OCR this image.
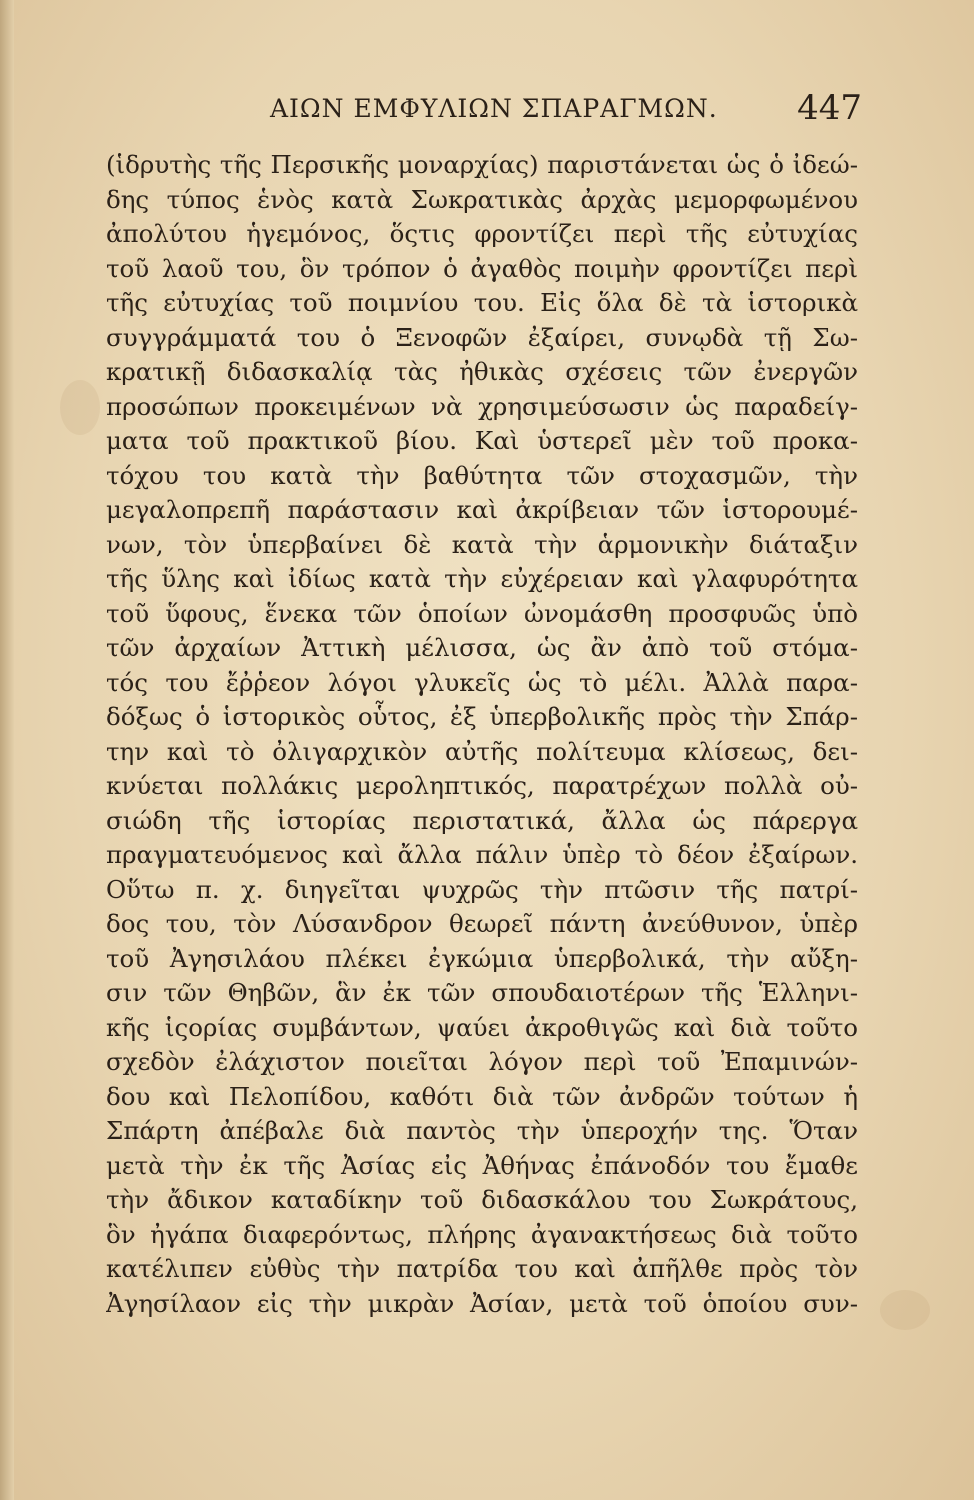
ΑΙΩΝ ΕΜΦΥΛΙΩΝ ΣΠΑΡΑΓΜΩΝ. 447
(ἱδρυτὴς τῆς Περσικῆς μοναρχίας) παριστάνεται ὡς ὁ ἰδεώ-
δης τύπος ἑνὸς κατὰ Σωκρατικὰς ἀρχὰς μεμορφωμένου
ἀπολύτου ἡγεμόνος, ὅςτις φροντίζει περὶ τῆς εὐτυχίας
τοῦ λαοῦ του, ὃν τρόπον ὁ ἀγαθὸς ποιμὴν φροντίζει περὶ
τῆς εὐτυχίας τοῦ ποιμνίου του. Εἰς ὅλα δὲ τὰ ἱστορικὰ
συγγράμματά του ὁ Ξενοφῶν ἐξαίρει, συνῳδὰ τῇ Σω-
κρατικῇ διδασκαλίᾳ τὰς ἠθικὰς σχέσεις τῶν ἐνεργῶν
προσώπων προκειμένων νὰ χρησιμεύσωσιν ὡς παραδείγ-
ματα τοῦ πρακτικοῦ βίου. Καὶ ὑστερεῖ μὲν τοῦ προκα-
τόχου του κατὰ τὴν βαθύτητα τῶν στοχασμῶν, τὴν
μεγαλοπρεπῆ παράστασιν καὶ ἀκρίβειαν τῶν ἱστορουμέ-
νων, τὸν ὑπερβαίνει δὲ κατὰ τὴν ἁρμονικὴν διάταξιν
τῆς ὕλης καὶ ἰδίως κατὰ τὴν εὐχέρειαν καὶ γλαφυρότητα
τοῦ ὕφους, ἕνεκα τῶν ὁποίων ὠνομάσθη προσφυῶς ὑπὸ
τῶν ἀρχαίων Ἀττικὴ μέλισσα, ὡς ἂν ἀπὸ τοῦ στόμα-
τός του ἔῤῥεον λόγοι γλυκεῖς ὡς τὸ μέλι. Ἀλλὰ παρα-
δόξως ὁ ἱστορικὸς οὗτος, ἐξ ὑπερβολικῆς πρὸς τὴν Σπάρ-
την καὶ τὸ ὀλιγαρχικὸν αὐτῆς πολίτευμα κλίσεως, δει-
κνύεται πολλάκις μεροληπτικός, παρατρέχων πολλὰ οὐ-
σιώδη τῆς ἱστορίας περιστατικά, ἄλλα ὡς πάρεργα
πραγματευόμενος καὶ ἄλλα πάλιν ὑπὲρ τὸ δέον ἐξαίρων.
Οὕτω π. χ. διηγεῖται ψυχρῶς τὴν πτῶσιν τῆς πατρί-
δος του, τὸν Λύσανδρον θεωρεῖ πάντη ἀνεύθυνον, ὑπὲρ
τοῦ Ἀγησιλάου πλέκει ἐγκώμια ὑπερβολικά, τὴν αὔξη-
σιν τῶν Θηβῶν, ἃν ἐκ τῶν σπουδαιοτέρων τῆς Ἑλληνι-
κῆς ἱςορίας συμβάντων, ψαύει ἀκροθιγῶς καὶ διὰ τοῦτο
σχεδὸν ἐλάχιστον ποιεῖται λόγον περὶ τοῦ Ἐπαμινών-
δου καὶ Πελοπίδου, καθότι διὰ τῶν ἀνδρῶν τούτων ἡ
Σπάρτη ἀπέβαλε διὰ παντὸς τὴν ὑπεροχήν της. Ὅταν
μετὰ τὴν ἐκ τῆς Ἀσίας εἰς Ἀθήνας ἐπάνοδόν του ἔμαθε
τὴν ἄδικον καταδίκην τοῦ διδασκάλου του Σωκράτους,
ὃν ἠγάπα διαφερόντως, πλήρης ἀγανακτήσεως διὰ τοῦτο
κατέλιπεν εὐθὺς τὴν πατρίδα του καὶ ἀπῆλθε πρὸς τὸν
Ἀγησίλαον εἰς τὴν μικρὰν Ἀσίαν, μετὰ τοῦ ὁποίου συν-
